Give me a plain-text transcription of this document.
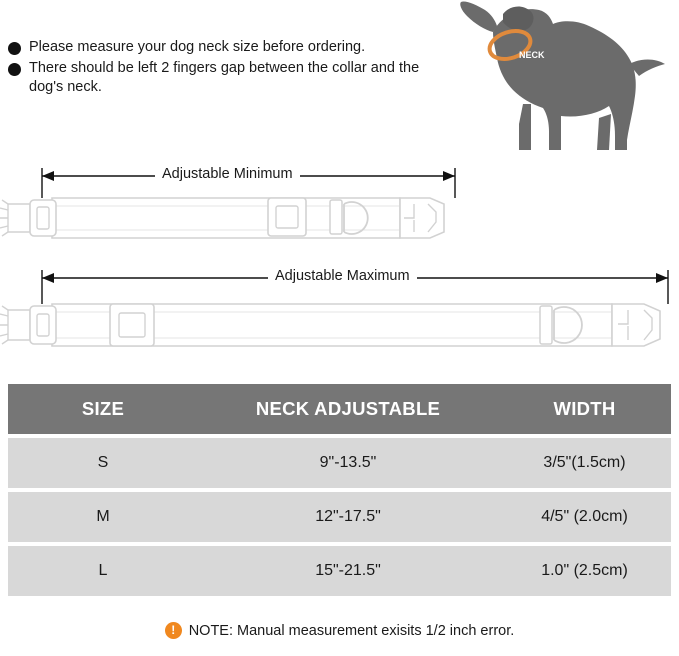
Please measure your dog neck size before ordering.
There should be left 2 fingers gap between the collar and the dog's neck.
NECK
Adjustable Minimum
Adjustable Maximum
SIZE	NECK ADJUSTABLE	WIDTH
S	9"-13.5"	3/5"(1.5cm)
M	12"-17.5"	4/5" (2.0cm)
L	15"-21.5"	1.0" (2.5cm)
! NOTE: Manual measurement exisits 1/2 inch error.
